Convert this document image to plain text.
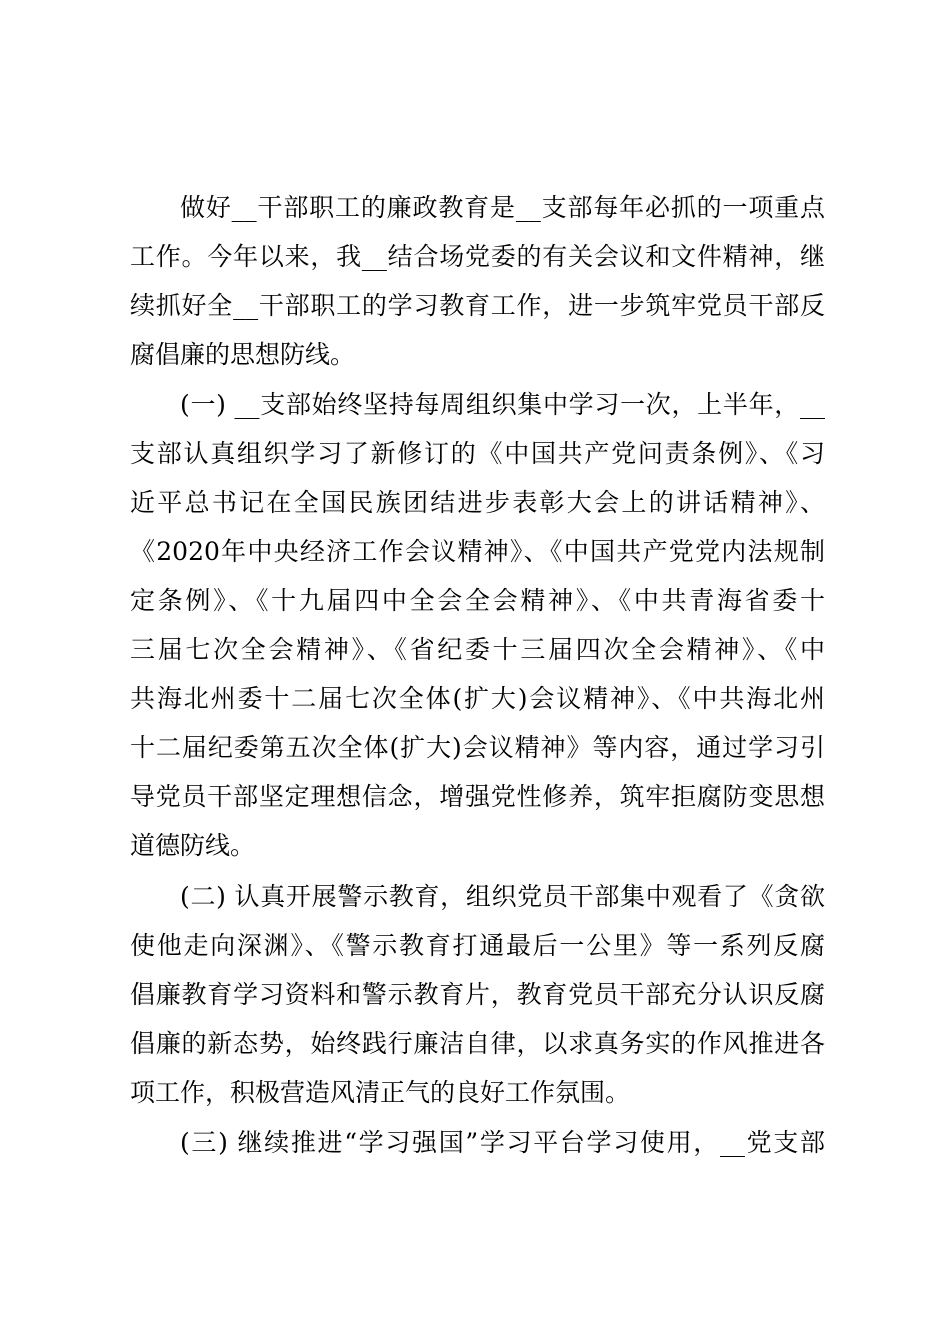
做好__干部职工的廉政教育是__支部每年必抓的一项重点
工作。今年以来，我__结合场党委的有关会议和文件精神，继
续抓好全__干部职工的学习教育工作，进一步筑牢党员干部反
腐倡廉的思想防线。
(一) __支部始终坚持每周组织集中学习一次，上半年，__
支部认真组织学习了新修订的《中国共产党问责条例》、《习
近平总书记在全国民族团结进步表彰大会上的讲话精神》、
《2020年中央经济工作会议精神》、《中国共产党党内法规制
定条例》、《十九届四中全会全会精神》、《中共青海省委十
三届七次全会精神》、《省纪委十三届四次全会精神》、《中
共海北州委十二届七次全体(扩大)会议精神》、《中共海北州
十二届纪委第五次全体(扩大)会议精神》等内容，通过学习引
导党员干部坚定理想信念，增强党性修养，筑牢拒腐防变思想
道德防线。
(二) 认真开展警示教育，组织党员干部集中观看了《贪欲
使他走向深渊》、《警示教育打通最后一公里》等一系列反腐
倡廉教育学习资料和警示教育片，教育党员干部充分认识反腐
倡廉的新态势，始终践行廉洁自律，以求真务实的作风推进各
项工作，积极营造风清正气的良好工作氛围。
(三) 继续推进“学习强国”学习平台学习使用，__党支部
